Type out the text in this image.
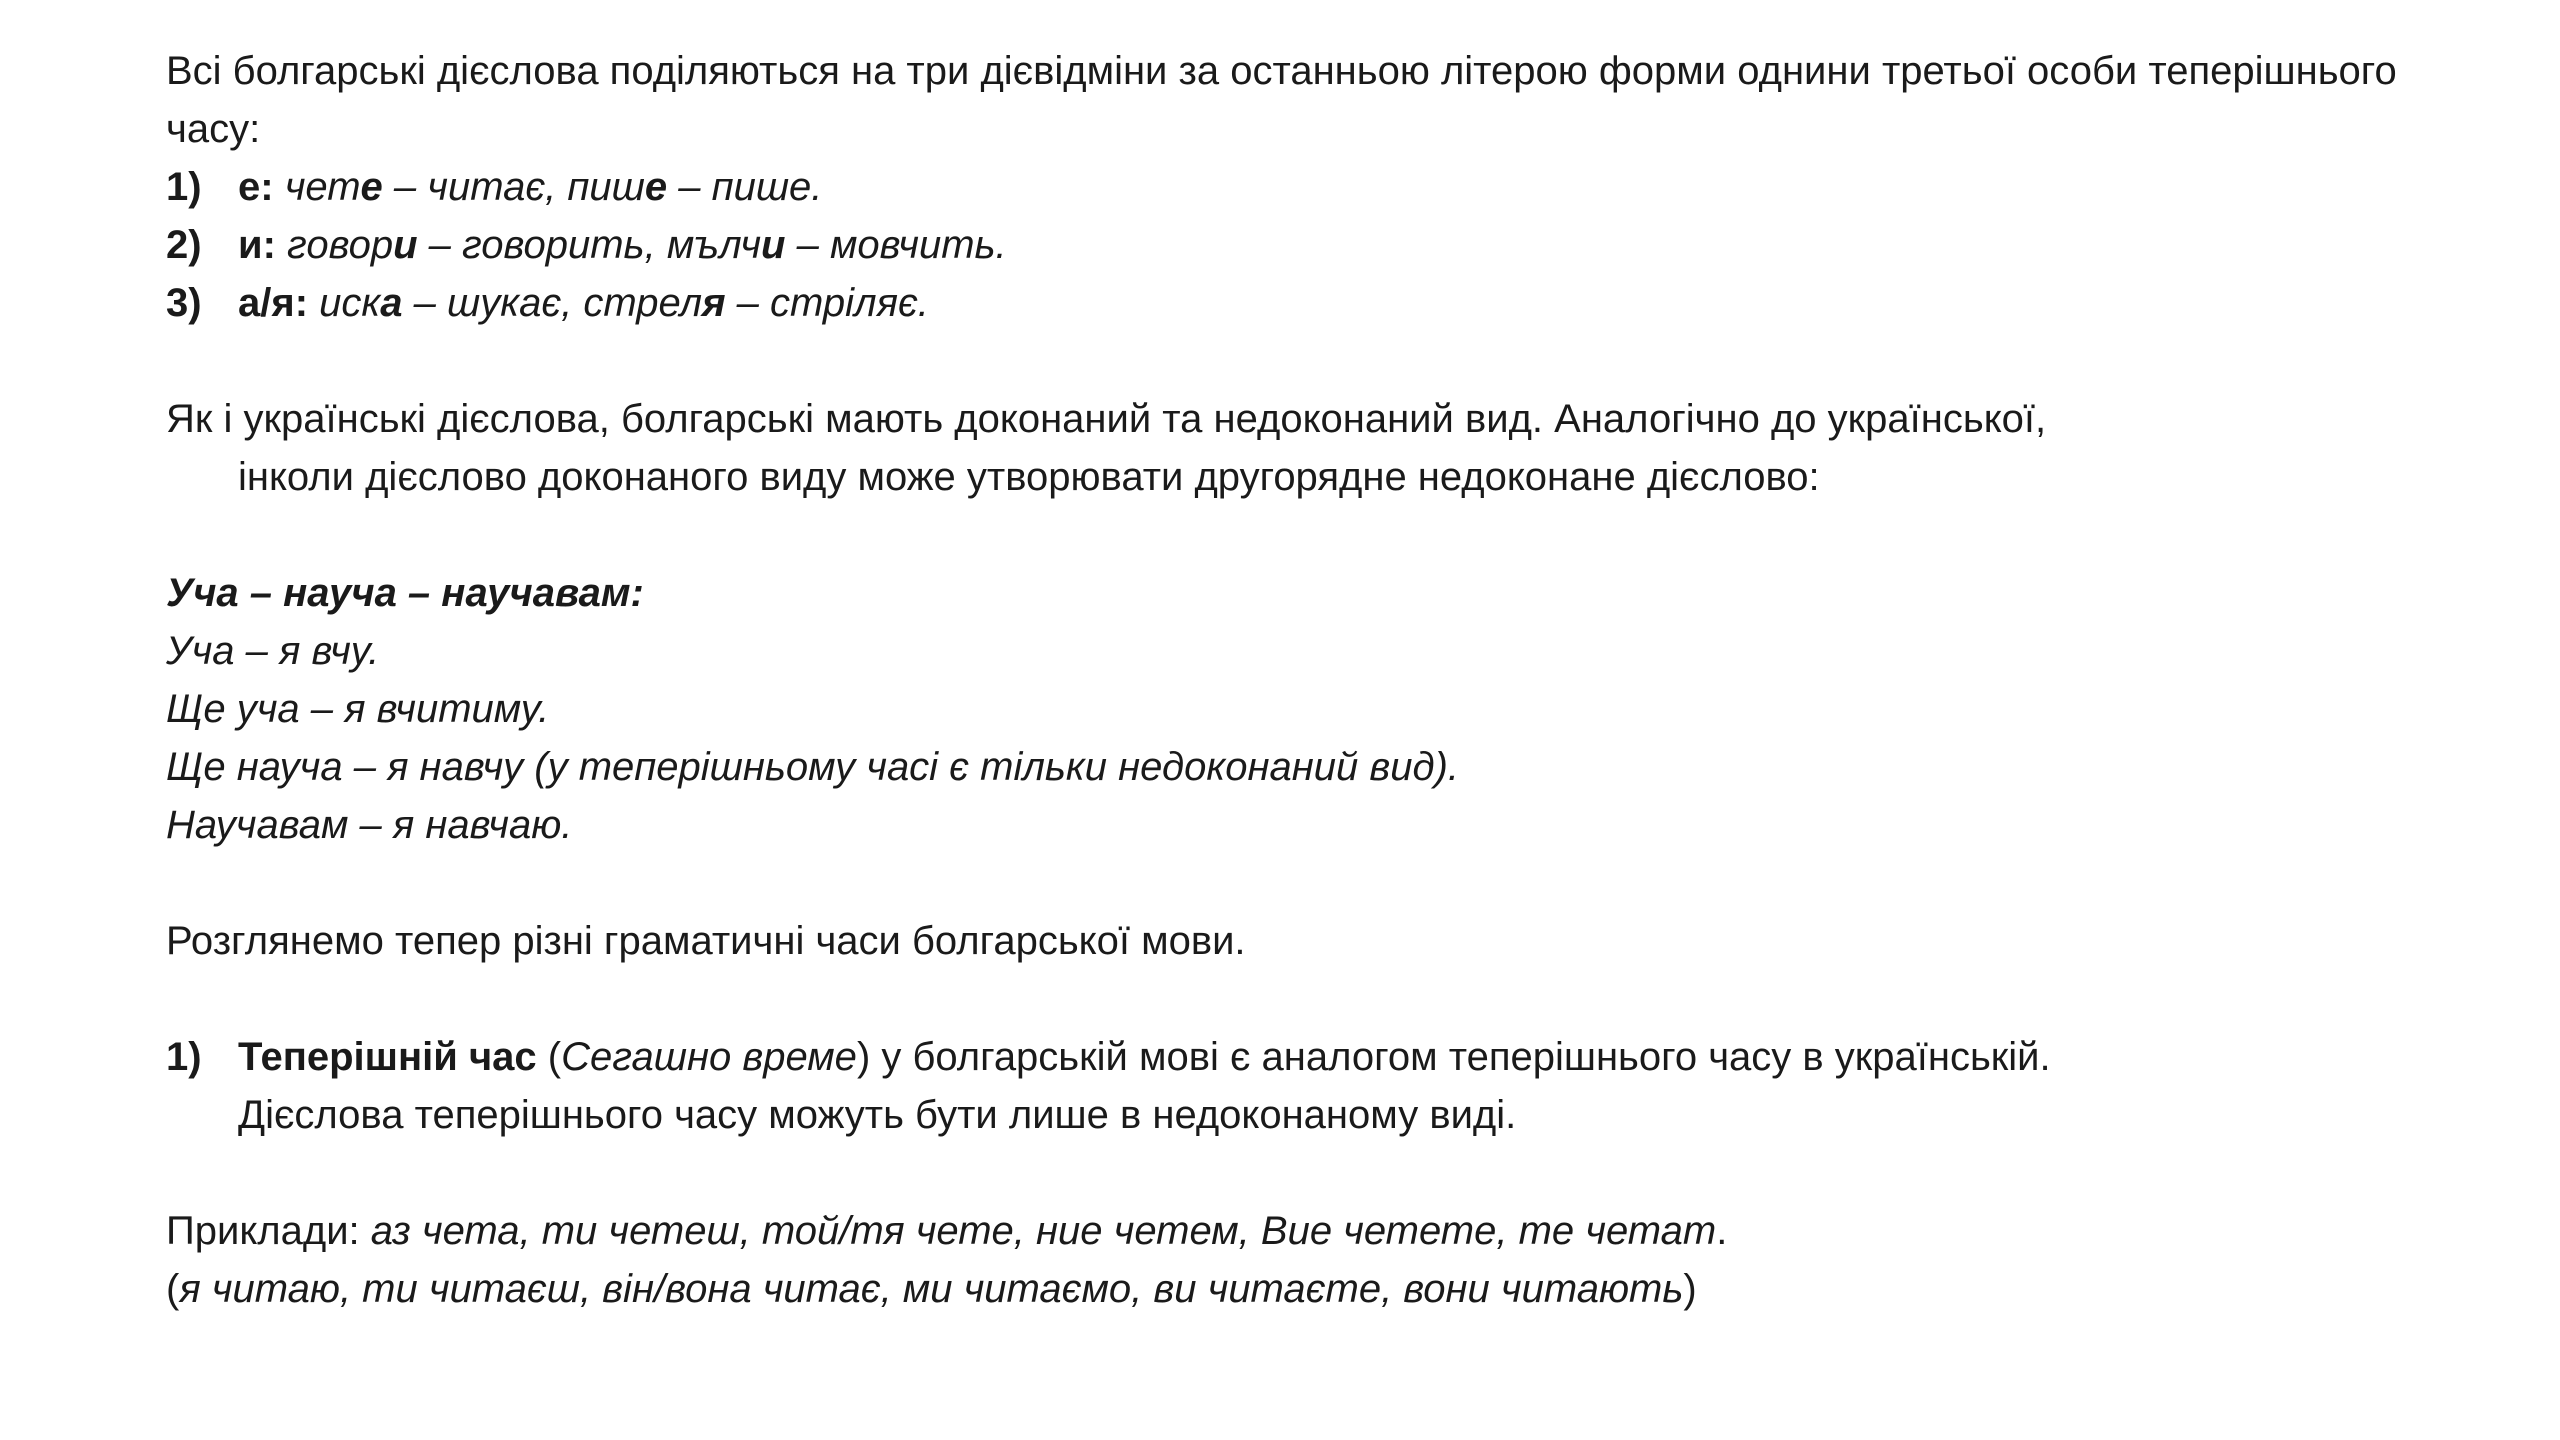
Всі болгарські дієслова поділяються на три дієвідміни за останньою літерою форми однини третьої особи теперішнього часу:

1) е: чете – читає, пише – пише.
2) и: говори – говорить, мълчи – мовчить.
3) а/я: иска – шукає, стреля – стріляє.

Як і українські дієслова, болгарські мають доконаний та недоконаний вид. Аналогічно до української,

інколи дієслово доконаного виду може утворювати другорядне недоконане дієслово:

Уча – науча – научавам:

Уча – я вчу.

Ще уча – я вчитиму.

Ще науча – я навчу (у теперішньому часі є тільки недоконаний вид).

Научавам – я навчаю.

Розглянемо тепер різні граматичні часи болгарської мови.

1) Теперішній час (Сегашно време) у болгарській мові є аналогом теперішнього часу в українській.
Дієслова теперішнього часу можуть бути лише в недоконаному виді.

Приклади: аз чета, ти четеш, той/тя чете, ние четем, Вие четете, те четат.

(я читаю, ти читаєш, він/вона читає, ми читаємо, ви читаєте, вони читають)
